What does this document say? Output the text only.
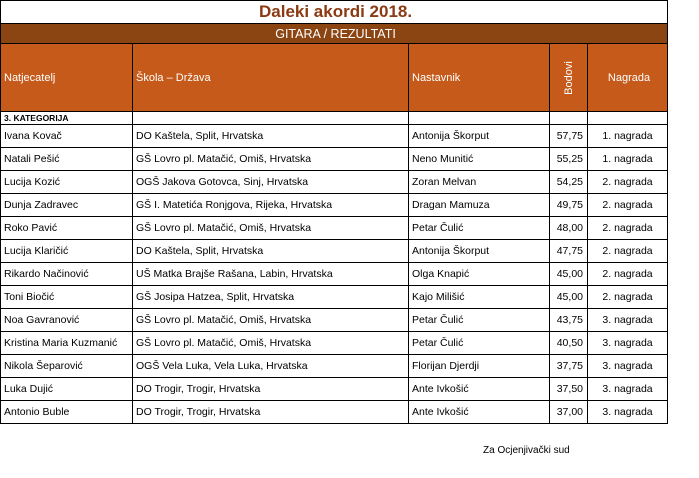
Daleki akordi 2018.				
GITARA / REZULTATI				
Natjecatelj	Škola – Država	Nastavnik	Bodovi	Nagrada
3. KATEGORIJA				
Ivana Kovač	DO Kaštela, Split, Hrvatska	Antonija Škorput	57,75	1. nagrada
Natali Pešić	GŠ Lovro pl. Matačić, Omiš, Hrvatska	Neno Munitić	55,25	1. nagrada
Lucija Kozić	OGŠ Jakova Gotovca, Sinj, Hrvatska	Zoran Melvan	54,25	2. nagrada
Dunja Zadravec	GŠ I. Matetića Ronjgova, Rijeka, Hrvatska	Dragan Mamuza	49,75	2. nagrada
Roko Pavić	GŠ Lovro pl. Matačić, Omiš, Hrvatska	Petar Čulić	48,00	2. nagrada
Lucija Klaričić	DO Kaštela, Split, Hrvatska	Antonija Škorput	47,75	2. nagrada
Rikardo Načinović	UŠ Matka Brajše Rašana, Labin, Hrvatska	Olga Knapić	45,00	2. nagrada
Toni Biočić	GŠ Josipa Hatzea, Split, Hrvatska	Kajo Milišić	45,00	2. nagrada
Noa Gavranović	GŠ Lovro pl. Matačić, Omiš, Hrvatska	Petar Čulić	43,75	3. nagrada
Kristina Maria Kuzmanić	GŠ Lovro pl. Matačić, Omiš, Hrvatska	Petar Čulić	40,50	3. nagrada
Nikola Šeparović	OGŠ Vela Luka, Vela Luka, Hrvatska	Florijan Djerdji	37,75	3. nagrada
Luka Dujić	DO Trogir, Trogir, Hrvatska	Ante Ivkošić	37,50	3. nagrada
Antonio Buble	DO Trogir, Trogir, Hrvatska	Ante Ivkošić	37,00	3. nagrada
Za Ocjenjivački sud
